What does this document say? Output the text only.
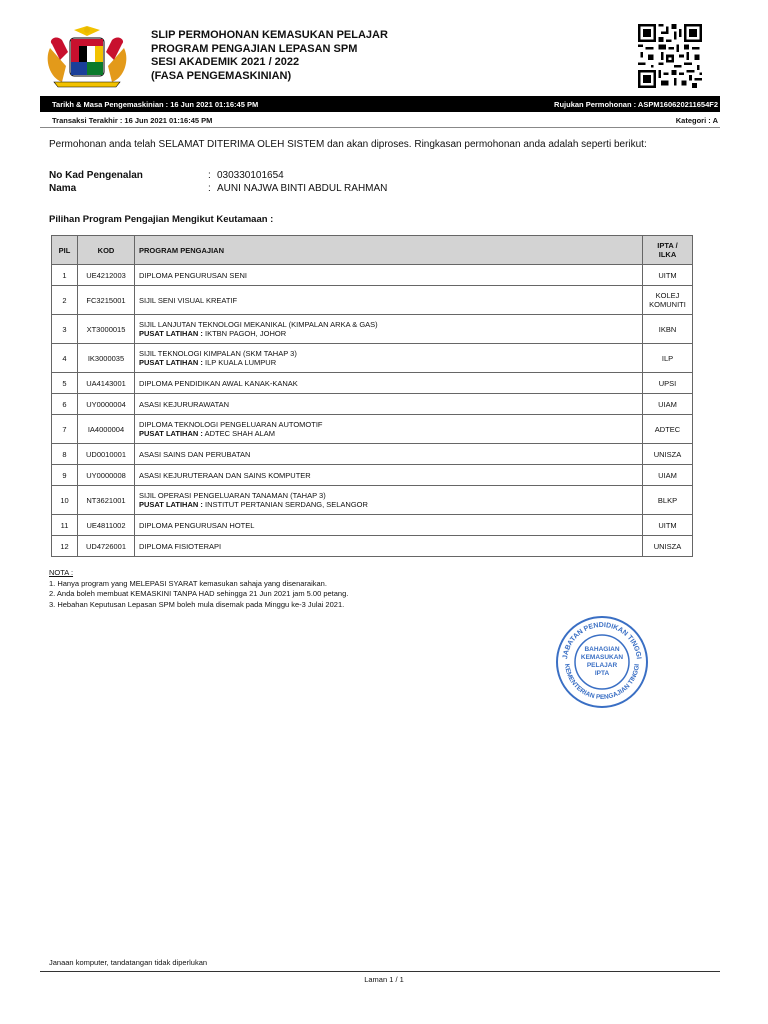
SLIP PERMOHONAN KEMASUKAN PELAJAR
PROGRAM PENGAJIAN LEPASAN SPM
SESI AKADEMIK 2021 / 2022
(FASA PENGEMASKINIAN)
Tarikh & Masa Pengemaskinian : 16 Jun 2021 01:16:45 PM	Rujukan Permohonan : ASPM160620211654F2
Transaksi Terakhir : 16 Jun 2021 01:16:45 PM	Kategori : A
Permohonan anda telah SELAMAT DITERIMA OLEH SISTEM dan akan diproses. Ringkasan permohonan anda adalah seperti berikut:
No Kad Pengenalan	: 030330101654
Nama	: AUNI NAJWA BINTI ABDUL RAHMAN
Pilihan Program Pengajian Mengikut Keutamaan :
PIL	KOD	PROGRAM PENGAJIAN	IPTA /
ILKA

1	UE4212003	DIPLOMA PENGURUSAN SENI	UITM

2	FC3215001	SIJIL SENI VISUAL KREATIF	KOLEJ
KOMUNITI

3	XT3000015	SIJIL LANJUTAN TEKNOLOGI MEKANIKAL (KIMPALAN ARKA & GAS)
PUSAT LATIHAN : IKTBN PAGOH, JOHOR	IKBN

4	IK3000035	SIJIL TEKNOLOGI KIMPALAN (SKM TAHAP 3)
PUSAT LATIHAN : ILP KUALA LUMPUR	ILP

5	UA4143001	DIPLOMA PENDIDIKAN AWAL KANAK-KANAK	UPSI

6	UY0000004	ASASI KEJURURAWATAN	UIAM

7	IA4000004	DIPLOMA TEKNOLOGI PENGELUARAN AUTOMOTIF
PUSAT LATIHAN : ADTEC SHAH ALAM	ADTEC

8	UD0010001	ASASI SAINS DAN PERUBATAN	UNISZA

9	UY0000008	ASASI KEJURUTERAAN DAN SAINS KOMPUTER	UIAM

10	NT3621001	SIJIL OPERASI PENGELUARAN TANAMAN (TAHAP 3)
PUSAT LATIHAN : INSTITUT PERTANIAN SERDANG, SELANGOR	BLKP

11	UE4811002	DIPLOMA PENGURUSAN HOTEL	UITM

12	UD4726001	DIPLOMA FISIOTERAPI	UNISZA
NOTA :
1. Hanya program yang MELEPASI SYARAT kemasukan sahaja yang disenaraikan.
2. Anda boleh membuat KEMASKINI TANPA HAD sehingga 21 Jun 2021 jam 5.00 petang.
3. Hebahan Keputusan Lepasan SPM boleh mula disemak pada Minggu ke-3 Julai 2021.
JABATAN PENDIDIKAN TINGGI
KEMENTERIAN PENGAJIAN TINGGI
BAHAGIAN KEMASUKAN PELAJAR IPTA
Janaan komputer, tandatangan tidak diperlukan
Laman 1 / 1
